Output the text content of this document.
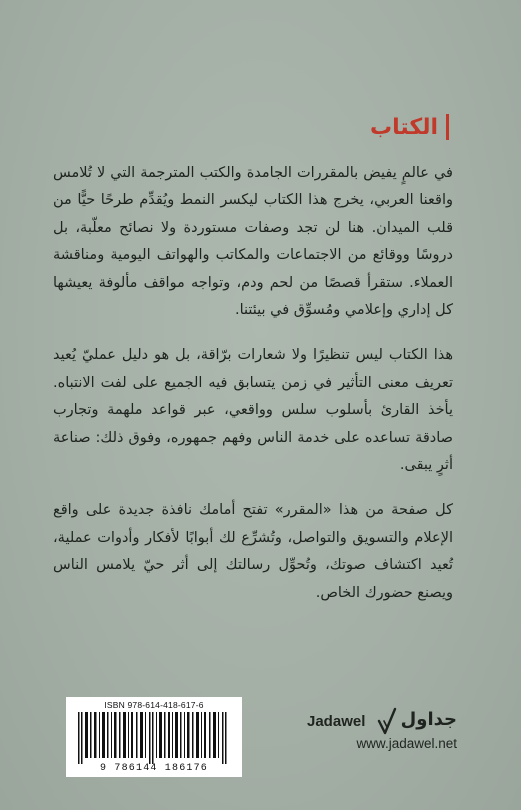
الكتاب

في عالمٍ يفيض بالمقررات الجامدة والكتب المترجمة التي لا تُلامس واقعنا العربي، يخرج هذا الكتاب ليكسر النمط ويُقدِّم طرحًا حيًّا من قلب الميدان. هنا لن تجد وصفات مستوردة ولا نصائح معلّبة، بل دروسًا ووقائع من الاجتماعات والمكاتب والهواتف اليومية ومناقشة العملاء. ستقرأ قصصًا من لحم ودم، وتواجه مواقف مألوفة يعيشها كل إداري وإعلامي ومُسوِّق في بيئتنا.

هذا الكتاب ليس تنظيرًا ولا شعارات برّاقة، بل هو دليل عمليّ يُعيد تعريف معنى التأثير في زمن يتسابق فيه الجميع على لفت الانتباه. يأخذ القارئ بأسلوب سلس وواقعي، عبر قواعد ملهمة وتجارب صادقة تساعده على خدمة الناس وفهم جمهوره، وفوق ذلك: صناعة أثرٍ يبقى.

كل صفحة من هذا «المقرر» تفتح أمامك نافذة جديدة على واقع الإعلام والتسويق والتواصل، وتُشرِّع لك أبوابًا لأفكار وأدوات عملية، تُعيد اكتشاف صوتك، وتُحوِّل رسالتك إلى أثر حيّ يلامس الناس ويصنع حضورك الخاص.

ISBN 978-614-418-617-6
9 786144 186176
Jadawel جداول
www.jadawel.net
